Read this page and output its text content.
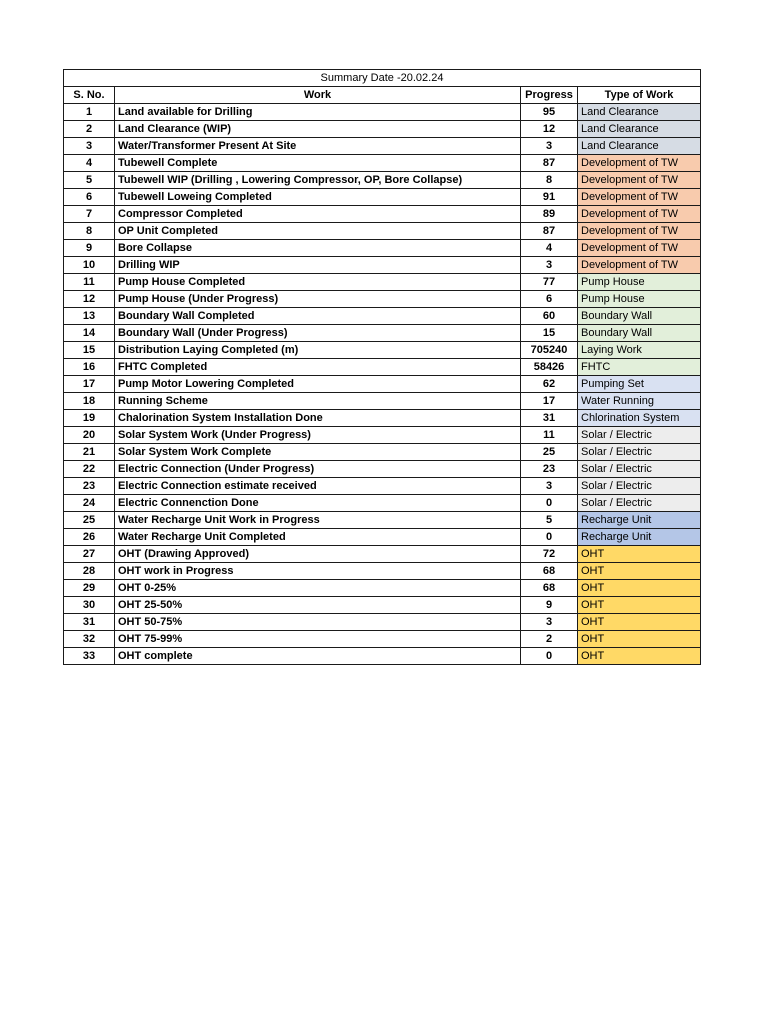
Summary Date -20.02.24			
S. No.	Work	Progress	Type of Work
1	Land available for Drilling	95	Land Clearance
2	Land Clearance (WIP)	12	Land Clearance
3	Water/Transformer Present At Site	3	Land Clearance
4	Tubewell Complete	87	Development of TW
5	Tubewell WIP (Drilling , Lowering Compressor, OP, Bore Collapse)	8	Development of TW
6	Tubewell Loweing Completed	91	Development of TW
7	Compressor Completed	89	Development of TW
8	OP Unit Completed	87	Development of TW
9	Bore Collapse	4	Development of TW
10	Drilling WIP	3	Development of TW
11	Pump House Completed	77	Pump House
12	Pump House (Under Progress)	6	Pump House
13	Boundary Wall Completed	60	Boundary Wall
14	Boundary Wall (Under Progress)	15	Boundary Wall
15	Distribution Laying Completed (m)	705240	Laying Work
16	FHTC Completed	58426	FHTC
17	Pump Motor Lowering Completed	62	Pumping Set
18	Running Scheme	17	Water Running
19	Chalorination System Installation Done	31	Chlorination System
20	Solar System Work (Under Progress)	11	Solar / Electric
21	Solar System Work Complete	25	Solar / Electric
22	Electric Connection (Under Progress)	23	Solar / Electric
23	Electric Connection estimate received	3	Solar / Electric
24	Electric Connenction Done	0	Solar / Electric
25	Water Recharge Unit Work in Progress	5	Recharge Unit
26	Water Recharge Unit Completed	0	Recharge Unit
27	OHT (Drawing Approved)	72	OHT
28	OHT work in Progress	68	OHT
29	OHT 0-25%	68	OHT
30	OHT 25-50%	9	OHT
31	OHT 50-75%	3	OHT
32	OHT 75-99%	2	OHT
33	OHT complete	0	OHT
